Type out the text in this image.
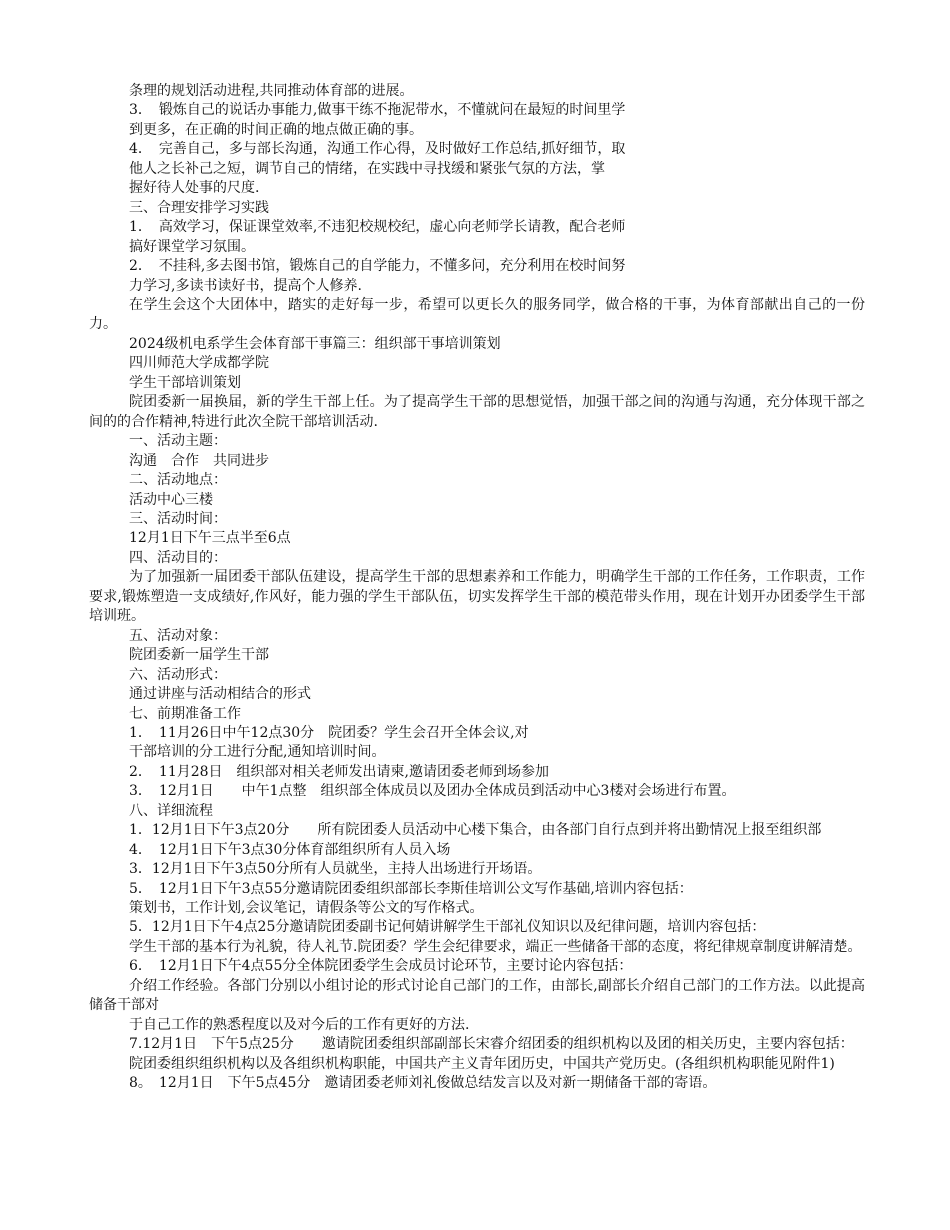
条理的规划活动进程,共同推动体育部的进展。
3．　锻炼自己的说话办事能力,做事干练不拖泥带水，不懂就问在最短的时间里学
到更多，在正确的时间正确的地点做正确的事。
4．　完善自己，多与部长沟通，沟通工作心得，及时做好工作总结,抓好细节，取
他人之长补己之短，调节自己的情绪，在实践中寻找缓和紧张气氛的方法，掌
握好待人处事的尺度.
三、合理安排学习实践
1．　高效学习，保证课堂效率,不违犯校规校纪，虚心向老师学长请教，配合老师
搞好课堂学习氛围。
2．　不挂科,多去图书馆，锻炼自己的自学能力，不懂多问，充分利用在校时间努
力学习,多读书读好书，提高个人修养.
在学生会这个大团体中，踏实的走好每一步，希望可以更长久的服务同学，做合格的干事，为体育部献出自己的一份力。
2024级机电系学生会体育部干事篇三：组织部干事培训策划
四川师范大学成都学院
学生干部培训策划
院团委新一届换届，新的学生干部上任。为了提高学生干部的思想觉悟，加强干部之间的沟通与沟通，充分体现干部之间的的合作精神,特进行此次全院干部培训活动.
一、活动主题：
沟通　合作　共同进步
二、活动地点：
活动中心三楼
三、活动时间：
12月1日下午三点半至6点
四、活动目的：
为了加强新一届团委干部队伍建设，提高学生干部的思想素养和工作能力，明确学生干部的工作任务，工作职责，工作要求,锻炼塑造一支成绩好,作风好，能力强的学生干部队伍，切实发挥学生干部的模范带头作用，现在计划开办团委学生干部培训班。
五、活动对象：
院团委新一届学生干部
六、活动形式：
通过讲座与活动相结合的形式
七、前期准备工作
1．　11月26日中午12点30分　院团委？学生会召开全体会议,对
干部培训的分工进行分配,通知培训时间。
2．　11月28日　组织部对相关老师发出请柬,邀请团委老师到场参加
3．　12月1日　　中午1点整　组织部全体成员以及团办全体成员到活动中心3楼对会场进行布置。
八、详细流程
1．12月1日下午3点20分　　所有院团委人员活动中心楼下集合，由各部门自行点到并将出勤情况上报至组织部
4．　12月1日下午3点30分体育部组织所有人员入场
3．12月1日下午3点50分所有人员就坐，主持人出场进行开场语。
5．　12月1日下午3点55分邀请院团委组织部部长李斯佳培训公文写作基础,培训内容包括：
策划书，工作计划,会议笔记，请假条等公文的写作格式。
5．12月1日下午4点25分邀请院团委副书记何婧讲解学生干部礼仪知识以及纪律问题，培训内容包括：
学生干部的基本行为礼貌，待人礼节.院团委？学生会纪律要求，端正一些储备干部的态度，将纪律规章制度讲解清楚。
6．　12月1日下午4点55分全体院团委学生会成员讨论环节，主要讨论内容包括：
介绍工作经验。各部门分别以小组讨论的形式讨论自己部门的工作，由部长,副部长介绍自己部门的工作方法。以此提高储备干部对
于自己工作的熟悉程度以及对今后的工作有更好的方法.
7.12月1日　下午5点25分　　邀请院团委组织部副部长宋睿介绍团委的组织机构以及团的相关历史，主要内容包括：
院团委组织组织机构以及各组织机构职能，中国共产主义青年团历史，中国共产党历史。(各组织机构职能见附件1)
8。　12月1日　下午5点45分　邀请团委老师刘礼俊做总结发言以及对新一期储备干部的寄语。
